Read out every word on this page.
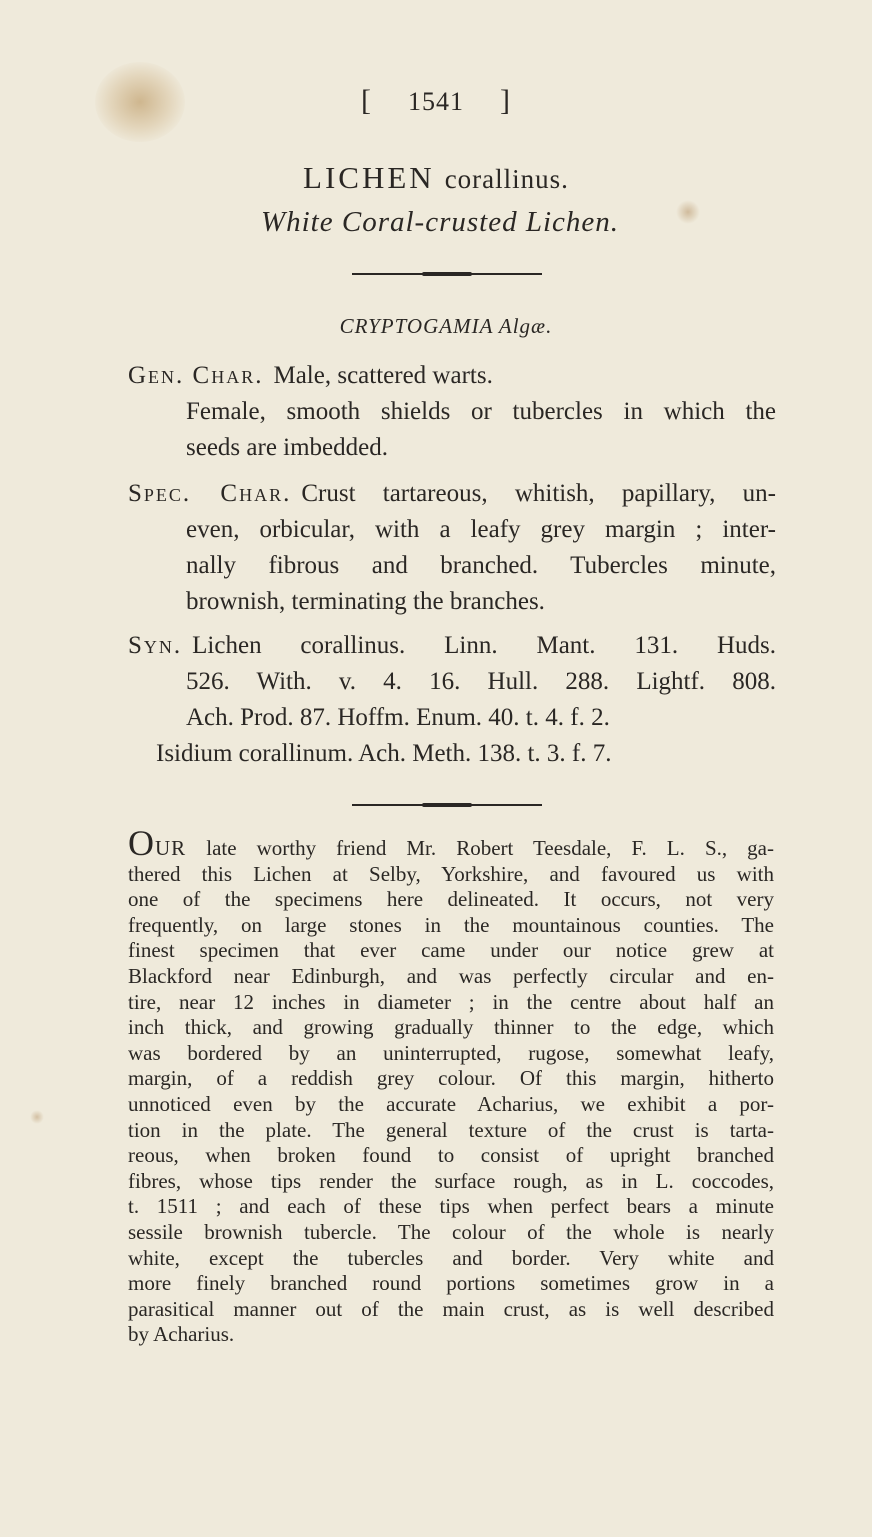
[ 1541 ]
LICHEN corallinus.
White Coral-crusted Lichen.
CRYPTOGAMIA Algæ.
Gen. Char. Male, scattered warts.
Female, smooth shields or tubercles in which the
seeds are imbedded.
Spec. Char. Crust tartareous, whitish, papillary, un-
even, orbicular, with a leafy grey margin ; inter-
nally fibrous and branched. Tubercles minute,
brownish, terminating the branches.
Syn. Lichen corallinus. Linn. Mant. 131. Huds.
526. With. v. 4. 16. Hull. 288. Lightf. 808.
Ach. Prod. 87. Hoffm. Enum. 40. t. 4. f. 2.
Isidium corallinum. Ach. Meth. 138. t. 3. f. 7.
OUR late worthy friend Mr. Robert Teesdale, F. L. S., ga-
thered this Lichen at Selby, Yorkshire, and favoured us with
one of the specimens here delineated. It occurs, not very
frequently, on large stones in the mountainous counties. The
finest specimen that ever came under our notice grew at
Blackford near Edinburgh, and was perfectly circular and en-
tire, near 12 inches in diameter ; in the centre about half an
inch thick, and growing gradually thinner to the edge, which
was bordered by an uninterrupted, rugose, somewhat leafy,
margin, of a reddish grey colour. Of this margin, hitherto
unnoticed even by the accurate Acharius, we exhibit a por-
tion in the plate. The general texture of the crust is tarta-
reous, when broken found to consist of upright branched
fibres, whose tips render the surface rough, as in L. coccodes,
t. 1511 ; and each of these tips when perfect bears a minute
sessile brownish tubercle. The colour of the whole is nearly
white, except the tubercles and border. Very white and
more finely branched round portions sometimes grow in a
parasitical manner out of the main crust, as is well described
by Acharius.
